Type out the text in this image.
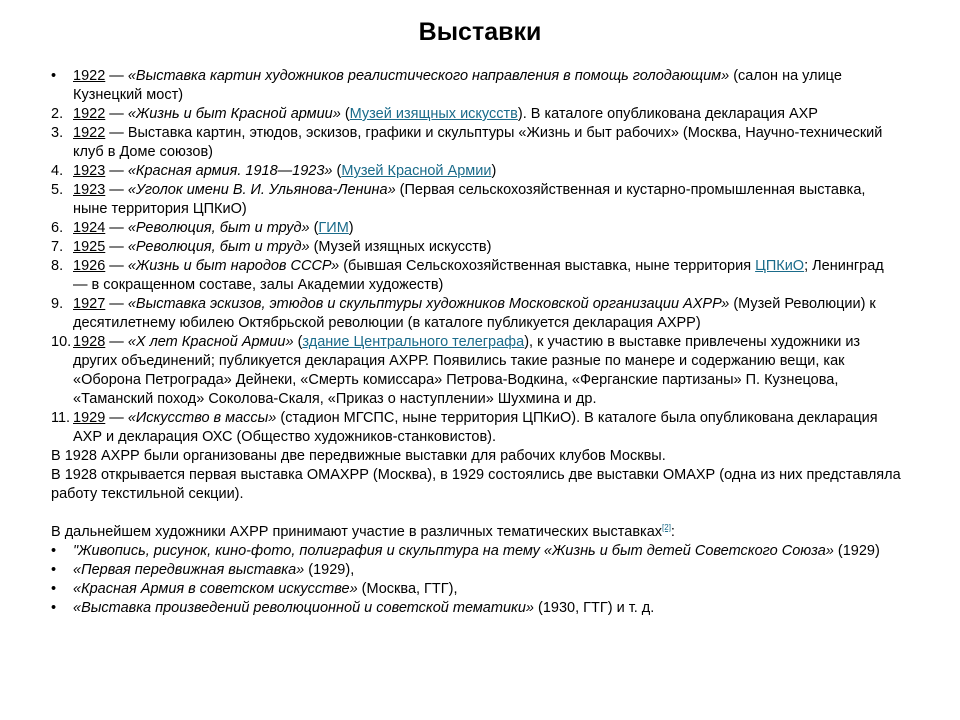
Выставки
• 1922 — «Выставка картин художников реалистического направления в помощь голодающим» (салон на улице Кузнецкий мост)
2. 1922 — «Жизнь и быт Красной армии» (Музей изящных искусств). В каталоге опубликована декларация АХР
3. 1922 — Выставка картин, этюдов, эскизов, графики и скульптуры «Жизнь и быт рабочих» (Москва, Научно-технический клуб в Доме союзов)
4. 1923 — «Красная армия. 1918—1923» (Музей Красной Армии)
5. 1923 — «Уголок имени В. И. Ульянова-Ленина» (Первая сельскохозяйственная и кустарно-промышленная выставка, ныне территория ЦПКиО)
6. 1924 — «Революция, быт и труд» (ГИМ)
7. 1925 — «Революция, быт и труд» (Музей изящных искусств)
8. 1926 — «Жизнь и быт народов СССР» (бывшая Сельскохозяйственная выставка, ныне территория ЦПКиО; Ленинград — в сокращенном составе, залы Академии художеств)
9. 1927 — «Выставка эскизов, этюдов и скульптуры художников Московской организации АХРР» (Музей Революции) к десятилетнему юбилею Октябрьской революции (в каталоге публикуется декларация АХРР)
10. 1928 — «Х лет Красной Армии» (здание Центрального телеграфа), к участию в выставке привлечены художники из других объединений; публикуется декларация АХРР. Появились такие разные по манере и содержанию вещи, как «Оборона Петрограда» Дейнеки, «Смерть комиссара» Петрова-Водкина, «Ферганские партизаны» П. Кузнецова, «Таманский поход» Соколова-Скаля, «Приказ о наступлении» Шухмина и др.
11. 1929 — «Искусство в массы» (стадион МГСПС, ныне территория ЦПКиО). В каталоге была опубликована декларация АХР и декларация ОХС (Общество художников-станковистов).
В 1928 АХРР были организованы две передвижные выставки для рабочих клубов Москвы.
В 1928 открывается первая выставка ОМАХРР (Москва), в 1929 состоялись две выставки ОМАХР (одна из них представляла работу текстильной секции).
В дальнейшем художники АХРР принимают участие в различных тематических выставках[2]:
• "Живопись, рисунок, кино-фото, полиграфия и скульптура на тему «Жизнь и быт детей Советского Союза» (1929)
• «Первая передвижная выставка» (1929),
• «Красная Армия в советском искусстве» (Москва, ГТГ),
• «Выставка произведений революционной и советской тематики» (1930, ГТГ) и т. д.
